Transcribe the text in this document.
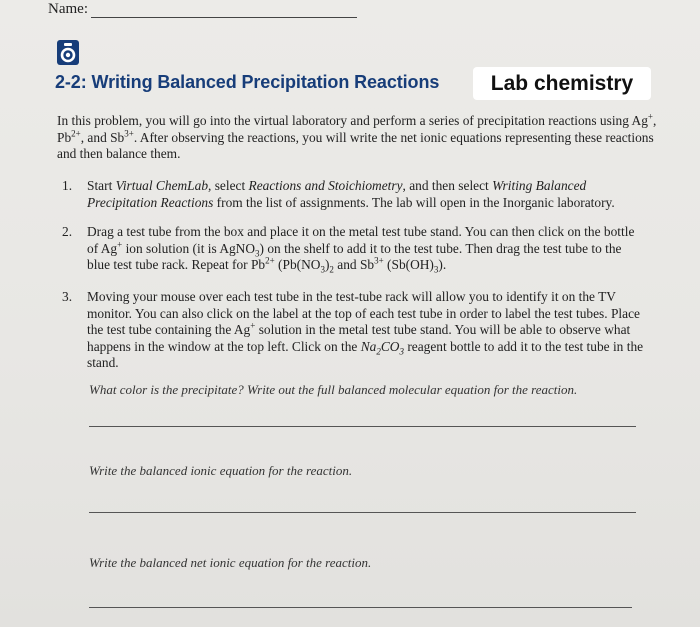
Name:
2-2: Writing Balanced Precipitation Reactions	Lab chemistry
In this problem, you will go into the virtual laboratory and perform a series of precipitation reactions using Ag+, $Pb^{2+}$, and $Sb^{3+}$. After observing the reactions, you will write the net ionic equations representing these reactions and then balance them.
1.	Start Virtual ChemLab, select Reactions and Stoichiometry, and then select Writing Balanced Precipitation Reactions from the list of assignments. The lab will open in the Inorganic laboratory.
2.	Drag a test tube from the box and place it on the metal test tube stand. You can then click on the bottle of Ag+ ion solution (it is AgNO$_3$) on the shelf to add it to the test tube. Then drag the test tube to the blue test tube rack. Repeat for $Pb^{2+}$ ($Pb(NO_3)_2$ and $Sb^{3+}$ $(Sb(OH)_3)$.
3.	Moving your mouse over each test tube in the test-tube rack will allow you to identify it on the TV monitor. You can also click on the label at the top of each test tube in order to label the test tubes. Place the test tube containing the Ag+ solution in the metal test tube stand. You will be able to observe what happens in the window at the top left. Click on the $Na_2CO_3$ reagent bottle to add it to the test tube in the stand.
What color is the precipitate? Write out the full balanced molecular equation for the reaction.
Write the balanced ionic equation for the reaction.
Write the balanced net ionic equation for the reaction.
